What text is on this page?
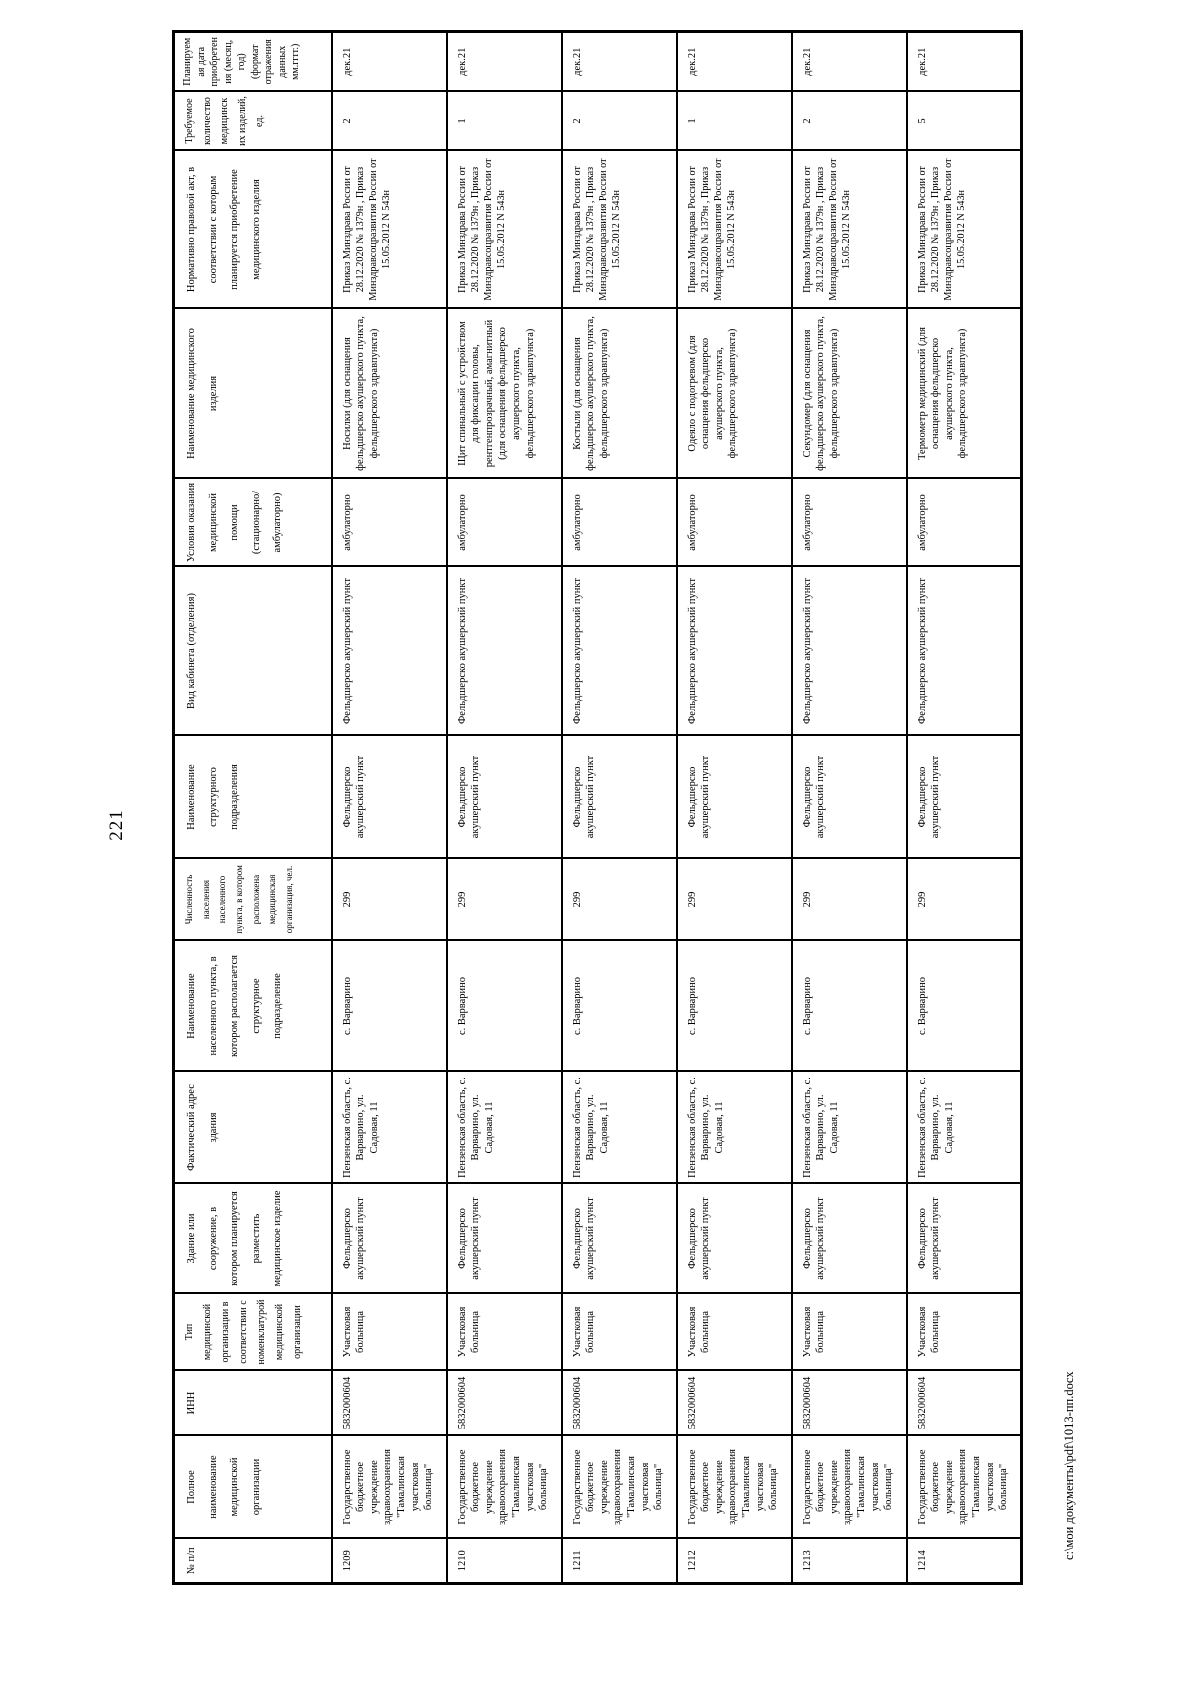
221
№ п/п	Полное наименование медицинской организации	ИНН	Тип медицинской организации в соответствии с номенклатурой медицинской организации	Здание или сооружение, в котором планируется разместить медицинское изделие	Фактический адрес здания	Наименование населенного пункта, в котором располагается структурное подразделение	Численность населения населенного пункта, в котором расположена медицинская организация, чел.	Наименование структурного подразделения	Вид кабинета (отделения)	Условия оказания медицинской помощи (стационарно/ амбулаторно)	Наименование медицинского изделия	Нормативно правовой акт, в соответствии с которым планируется приобретение медицинского изделия	Требуемое количество медицинских изделий, ед.	Планируемая дата приобретения (месяц, год) (формат отражения данных мм.гггг.)
1209	Государственное бюджетное учреждение здравоохранения "Тамалинская участковая больница"	5832000604	Участковая больница	Фельдшерско акушерский пункт	Пензенская область, с. Варварино, ул. Садовая, 11	с. Варварино	299	Фельдшерско акушерский пункт	Фельдшерско акушерский пункт	амбулаторно	Носилки (для оснащения фельдшерско акушерского пункта, фельдшерского здравпункта)	Приказ Минздрава России от 28.12.2020 № 1379н , Приказ Минздравсоцразвития России от 15.05.2012 N 543н	2	дек.21
1210	Государственное бюджетное учреждение здравоохранения "Тамалинская участковая больница"	5832000604	Участковая больница	Фельдшерско акушерский пункт	Пензенская область, с. Варварино, ул. Садовая, 11	с. Варварино	299	Фельдшерско акушерский пункт	Фельдшерско акушерский пункт	амбулаторно	Щит спинальный с устройством для фиксации головы, рентгенпрозрачный, амагнитный (для оснащения фельдшерско акушерского пункта, фельдшерского здравпункта)	Приказ Минздрава России от 28.12.2020 № 1379н , Приказ Минздравсоцразвития России от 15.05.2012 N 543н	1	дек.21
1211	Государственное бюджетное учреждение здравоохранения "Тамалинская участковая больница"	5832000604	Участковая больница	Фельдшерско акушерский пункт	Пензенская область, с. Варварино, ул. Садовая, 11	с. Варварино	299	Фельдшерско акушерский пункт	Фельдшерско акушерский пункт	амбулаторно	Костыли (для оснащения фельдшерско акушерского пункта, фельдшерского здравпункта)	Приказ Минздрава России от 28.12.2020 № 1379н , Приказ Минздравсоцразвития России от 15.05.2012 N 543н	2	дек.21
1212	Государственное бюджетное учреждение здравоохранения "Тамалинская участковая больница"	5832000604	Участковая больница	Фельдшерско акушерский пункт	Пензенская область, с. Варварино, ул. Садовая, 11	с. Варварино	299	Фельдшерско акушерский пункт	Фельдшерско акушерский пункт	амбулаторно	Одеяло с подогревом (для оснащения фельдшерско акушерского пункта, фельдшерского здравпункта)	Приказ Минздрава России от 28.12.2020 № 1379н , Приказ Минздравсоцразвития России от 15.05.2012 N 543н	1	дек.21
1213	Государственное бюджетное учреждение здравоохранения "Тамалинская участковая больница"	5832000604	Участковая больница	Фельдшерско акушерский пункт	Пензенская область, с. Варварино, ул. Садовая, 11	с. Варварино	299	Фельдшерско акушерский пункт	Фельдшерско акушерский пункт	амбулаторно	Секундомер (для оснащения фельдшерско акушерского пункта, фельдшерского здравпункта)	Приказ Минздрава России от 28.12.2020 № 1379н , Приказ Минздравсоцразвития России от 15.05.2012 N 543н	2	дек.21
1214	Государственное бюджетное учреждение здравоохранения "Тамалинская участковая больница"	5832000604	Участковая больница	Фельдшерско акушерский пункт	Пензенская область, с. Варварино, ул. Садовая, 11	с. Варварино	299	Фельдшерско акушерский пункт	Фельдшерско акушерский пункт	амбулаторно	Термометр медицинский (для оснащения фельдшерско акушерского пункта, фельдшерского здравпункта)	Приказ Минздрава России от 28.12.2020 № 1379н , Приказ Минздравсоцразвития России от 15.05.2012 N 543н	5	дек.21
с:\мои документы\pdf\1013-пп.docx
